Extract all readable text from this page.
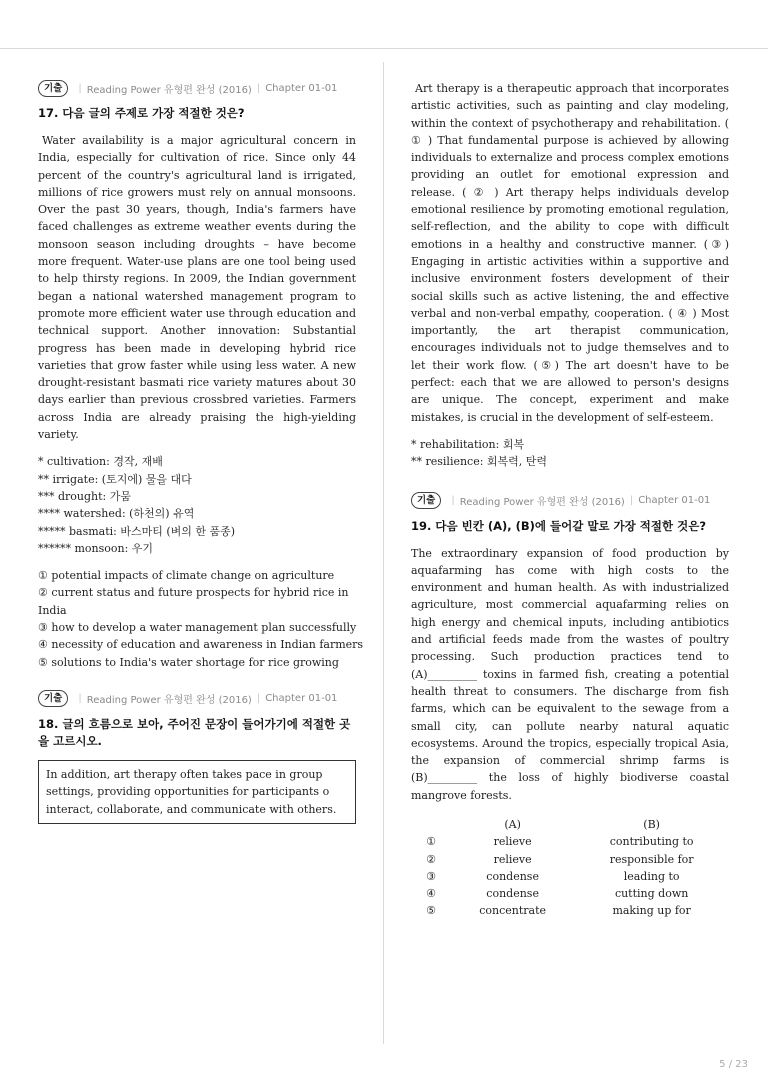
기출	| Reading Power 유형편 완성 (2016) | Chapter 01-01
17. 다음 글의 주제로 가장 적절한 것은?
Water availability is a major agricultural concern in India, especially for cultivation of rice. Since only 44 percent of the country's agricultural land is irrigated, millions of rice growers must rely on annual monsoons. Over the past 30 years, though, India's farmers have faced challenges as extreme weather events during the monsoon season including droughts – have become more frequent. Water-use plans are one tool being used to help thirsty regions. In 2009, the Indian government began a national watershed management program to promote more efficient water use through education and technical support. Another innovation: Substantial progress has been made in developing hybrid rice varieties that grow faster while using less water. A new drought-resistant basmati rice variety matures about 30 days earlier than previous crossbred varieties. Farmers across India are already praising the high-yielding variety.
* cultivation: 경작, 재배
** irrigate: (토지에) 물을 대다
*** drought: 가뭄
**** watershed: (하천의) 유역
***** basmati: 바스마티 (벼의 한 품종)
****** monsoon: 우기
① potential impacts of climate change on agriculture
② current status and future prospects for hybrid rice in India
③ how to develop a water management plan successfully
④ necessity of education and awareness in Indian farmers
⑤ solutions to India's water shortage for rice growing
기출	| Reading Power 유형편 완성 (2016) | Chapter 01-01
18. 글의 흐름으로 보아, 주어진 문장이 들어가기에 적절한 곳을 고르시오.
In addition, art therapy often takes pace in group settings, providing opportunities for participants o interact, collaborate, and communicate with others.
Art therapy is a therapeutic approach that incorporates artistic activities, such as painting and clay modeling, within the context of psychotherapy and rehabilitation. ( ① ) That fundamental purpose is achieved by allowing individuals to externalize and process complex emotions providing an outlet for emotional expression and release. ( ② ) Art therapy helps individuals develop emotional resilience by promoting emotional regulation, self-reflection, and the ability to cope with difficult emotions in a healthy and constructive manner. (③) Engaging in artistic activities within a supportive and inclusive environment fosters development of their social skills such as active listening, the and effective verbal and non-verbal empathy, cooperation. ( ④ ) Most importantly, the art therapist communication, encourages individuals not to judge themselves and to let their work flow. (⑤) The art doesn't have to be perfect: each that we are allowed to person's designs are unique. The concept, experiment and make mistakes, is crucial in the development of self-esteem.
* rehabilitation: 회복
** resilience: 회복력, 탄력
기출	| Reading Power 유형편 완성 (2016) | Chapter 01-01
19. 다음 빈칸 (A), (B)에 들어갈 말로 가장 적절한 것은?
The extraordinary expansion of food production by aquafarming has come with high costs to the environment and human health. As with industrialized agriculture, most commercial aquafarming relies on high energy and chemical inputs, including antibiotics and artificial feeds made from the wastes of poultry processing. Such production practices tend to (A)_________ toxins in farmed fish, creating a potential health threat to consumers. The discharge from fish farms, which can be equivalent to the sewage from a small city, can pollute nearby natural aquatic ecosystems. Around the tropics, especially tropical Asia, the expansion of commercial shrimp farms is (B)_________ the loss of highly biodiverse coastal mangrove forests.
	(A)	(B)
①	relieve	contributing to
②	relieve	responsible for
③	condense	leading to
④	condense	cutting down
⑤	concentrate	making up for
5 / 23
